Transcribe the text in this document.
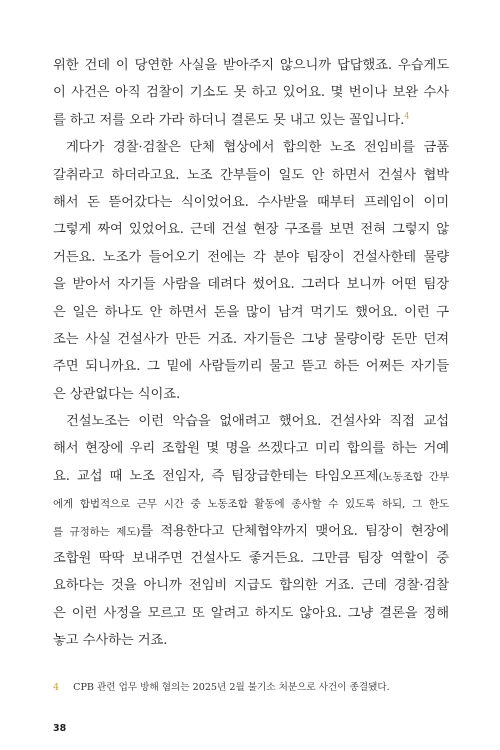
위한 건데 이 당연한 사실을 받아주지 않으니까 답답했죠. 우습게도
이 사건은 아직 검찰이 기소도 못 하고 있어요. 몇 번이나 보완 수사
를 하고 저를 오라 가라 하더니 결론도 못 내고 있는 꼴입니다.$^4$
게다가 경찰·검찰은 단체 협상에서 합의한 노조 전임비를 금품
갈취라고 하더라고요. 노조 간부들이 일도 안 하면서 건설사 협박
해서 돈 뜯어갔다는 식이었어요. 수사받을 때부터 프레임이 이미
그렇게 짜여 있었어요. 근데 건설 현장 구조를 보면 전혀 그렇지 않
거든요. 노조가 들어오기 전에는 각 분야 팀장이 건설사한테 물량
을 받아서 자기들 사람을 데려다 썼어요. 그러다 보니까 어떤 팀장
은 일은 하나도 안 하면서 돈을 많이 남겨 먹기도 했어요. 이런 구
조는 사실 건설사가 만든 거죠. 자기들은 그냥 물량이랑 돈만 던져
주면 되니까요. 그 밑에 사람들끼리 물고 뜯고 하든 어쩌든 자기들
은 상관없다는 식이죠.
건설노조는 이런 악습을 없애려고 했어요. 건설사와 직접 교섭
해서 현장에 우리 조합원 몇 명을 쓰겠다고 미리 합의를 하는 거예
요. 교섭 때 노조 전임자, 즉 팀장급한테는 타임오프제(노동조합 간부
에게 합법적으로 근무 시간 중 노동조합 활동에 종사할 수 있도록 하되, 그 한도
를 규정하는 제도)를 적용한다고 단체협약까지 맺어요. 팀장이 현장에
조합원 딱딱 보내주면 건설사도 좋거든요. 그만큼 팀장 역할이 중
요하다는 것을 아니까 전임비 지급도 합의한 거죠. 근데 경찰·검찰
은 이런 사정을 모르고 또 알려고 하지도 않아요. 그냥 결론을 정해
놓고 수사하는 거죠.
4 CPB 관련 업무 방해 혐의는 2025년 2월 불기소 처분으로 사건이 종결됐다.
38
